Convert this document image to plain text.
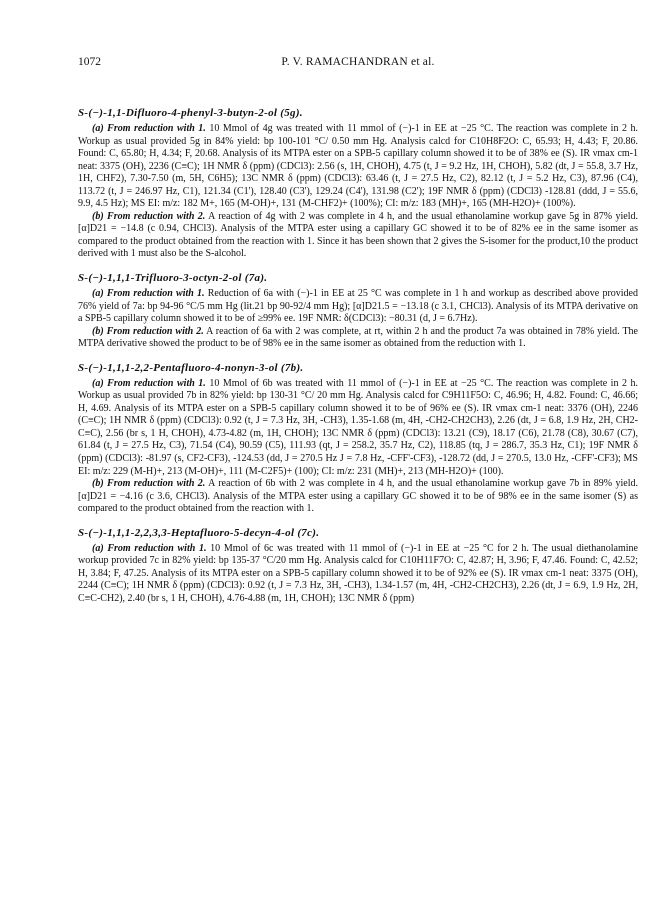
1072	P. V. RAMACHANDRAN et al.
S-(−)-1,1-Difluoro-4-phenyl-3-butyn-2-ol (5g).

(a) From reduction with 1. 10 Mmol of 4g was treated with 11 mmol of (−)-1 in EE at −25 °C. The reaction was complete in 2 h. Workup as usual provided 5g in 84% yield: bp 100-101 °C/ 0.50 mm Hg. Analysis calcd for C10H8F2O: C, 65.93; H, 4.43; F, 20.86. Found: C, 65.80; H, 4.34; F, 20.68. Analysis of its MTPA ester on a SPB-5 capillary column showed it to be of 38% ee (S). IR νmax cm-1 neat: 3375 (OH), 2236 (C≡C); 1H NMR δ (ppm) (CDCl3): 2.56 (s, 1H, CHOH), 4.75 (t, J = 9.2 Hz, 1H, CHOH), 5.82 (dt, J = 55.8, 3.7 Hz, 1H, CHF2), 7.30-7.50 (m, 5H, C6H5); 13C NMR δ (ppm) (CDCl3): 63.46 (t, J = 27.5 Hz, C2), 82.12 (t, J = 5.2 Hz, C3), 87.96 (C4), 113.72 (t, J = 246.97 Hz, C1), 121.34 (C1'), 128.40 (C3'), 129.24 (C4'), 131.98 (C2'); 19F NMR δ (ppm) (CDCl3) -128.81 (ddd, J = 55.6, 9.9, 4.5 Hz); MS EI: m/z: 182 M+, 165 (M-OH)+, 131 (M-CHF2)+ (100%); CI: m/z: 183 (MH)+, 165 (MH-H2O)+ (100%).

(b) From reduction with 2. A reaction of 4g with 2 was complete in 4 h, and the usual ethanolamine workup gave 5g in 87% yield. [α]D21 = −14.8 (c 0.94, CHCl3). Analysis of the MTPA ester using a capillary GC showed it to be of 82% ee in the same isomer as compared to the product obtained from the reaction with 1. Since it has been shown that 2 gives the S-isomer for the product,10 the product derived with 1 must also be the S-alcohol.

S-(−)-1,1,1-Trifluoro-3-octyn-2-ol (7a).

(a) From reduction with 1. Reduction of 6a with (−)-1 in EE at 25 °C was complete in 1 h and workup as described above provided 76% yield of 7a: bp 94-96 °C/5 mm Hg (lit.21 bp 90-92/4 mm Hg); [α]D21.5 = −13.18 (c 3.1, CHCl3). Analysis of its MTPA derivative on a SPB-5 capillary column showed it to be of ≥99% ee. 19F NMR: δ(CDCl3): −80.31 (d, J = 6.7Hz).

(b) From reduction with 2. A reaction of 6a with 2 was complete, at rt, within 2 h and the product 7a was obtained in 78% yield. The MTPA derivative showed the product to be of 98% ee in the same isomer as obtained from the reduction with 1.

S-(−)-1,1,1-2,2-Pentafluoro-4-nonyn-3-ol (7b).

(a) From reduction with 1. 10 Mmol of 6b was treated with 11 mmol of (−)-1 in EE at −25 °C. The reaction was complete in 2 h. Workup as usual provided 7b in 82% yield: bp 130-31 °C/ 20 mm Hg. Analysis calcd for C9H11F5O: C, 46.96; H, 4.82. Found: C, 46.66; H, 4.69. Analysis of its MTPA ester on a SPB-5 capillary column showed it to be of 96% ee (S). IR νmax cm-1 neat: 3376 (OH), 2246 (C≡C); 1H NMR δ (ppm) (CDCl3): 0.92 (t, J = 7.3 Hz, 3H, -CH3), 1.35-1.68 (m, 4H, -CH2-CH2CH3), 2.26 (dt, J = 6.8, 1.9 Hz, 2H, CH2-C≡C), 2.56 (br s, 1 H, CHOH), 4.73-4.82 (m, 1H, CHOH); 13C NMR δ (ppm) (CDCl3): 13.21 (C9), 18.17 (C6), 21.78 (C8), 30.67 (C7), 61.84 (t, J = 27.5 Hz, C3), 71.54 (C4), 90.59 (C5), 111.93 (qt, J = 258.2, 35.7 Hz, C2), 118.85 (tq, J = 286.7, 35.3 Hz, C1); 19F NMR δ (ppm) (CDCl3): -81.97 (s, CF2-CF3), -124.53 (dd, J = 270.5 Hz J = 7.8 Hz, -CFF'-CF3), -128.72 (dd, J = 270.5, 13.0 Hz, -CFF'-CF3); MS EI: m/z: 229 (M-H)+, 213 (M-OH)+, 111 (M-C2F5)+ (100); CI: m/z: 231 (MH)+, 213 (MH-H2O)+ (100).

(b) From reduction with 2. A reaction of 6b with 2 was complete in 4 h, and the usual ethanolamine workup gave 7b in 89% yield. [α]D21 = −4.16 (c 3.6, CHCl3). Analysis of the MTPA ester using a capillary GC showed it to be of 98% ee in the same isomer (S) as compared to the product obtained from the reaction with 1.

S-(−)-1,1,1-2,2,3,3-Heptafluoro-5-decyn-4-ol (7c).

(a) From reduction with 1. 10 Mmol of 6c was treated with 11 mmol of (−)-1 in EE at −25 °C for 2 h. The usual diethanolamine workup provided 7c in 82% yield: bp 135-37 °C/20 mm Hg. Analysis calcd for C10H11F7O: C, 42.87; H, 3.96; F, 47.46. Found: C, 42.52; H, 3.84; F, 47.25. Analysis of its MTPA ester on a SPB-5 capillary column showed it to be of 92% ee (S). IR νmax cm-1 neat: 3375 (OH), 2244 (C≡C); 1H NMR δ (ppm) (CDCl3): 0.92 (t, J = 7.3 Hz, 3H, -CH3), 1.34-1.57 (m, 4H, -CH2-CH2CH3), 2.26 (dt, J = 6.9, 1.9 Hz, 2H, C≡C-CH2), 2.40 (br s, 1 H, CHOH), 4.76-4.88 (m, 1H, CHOH); 13C NMR δ (ppm)
